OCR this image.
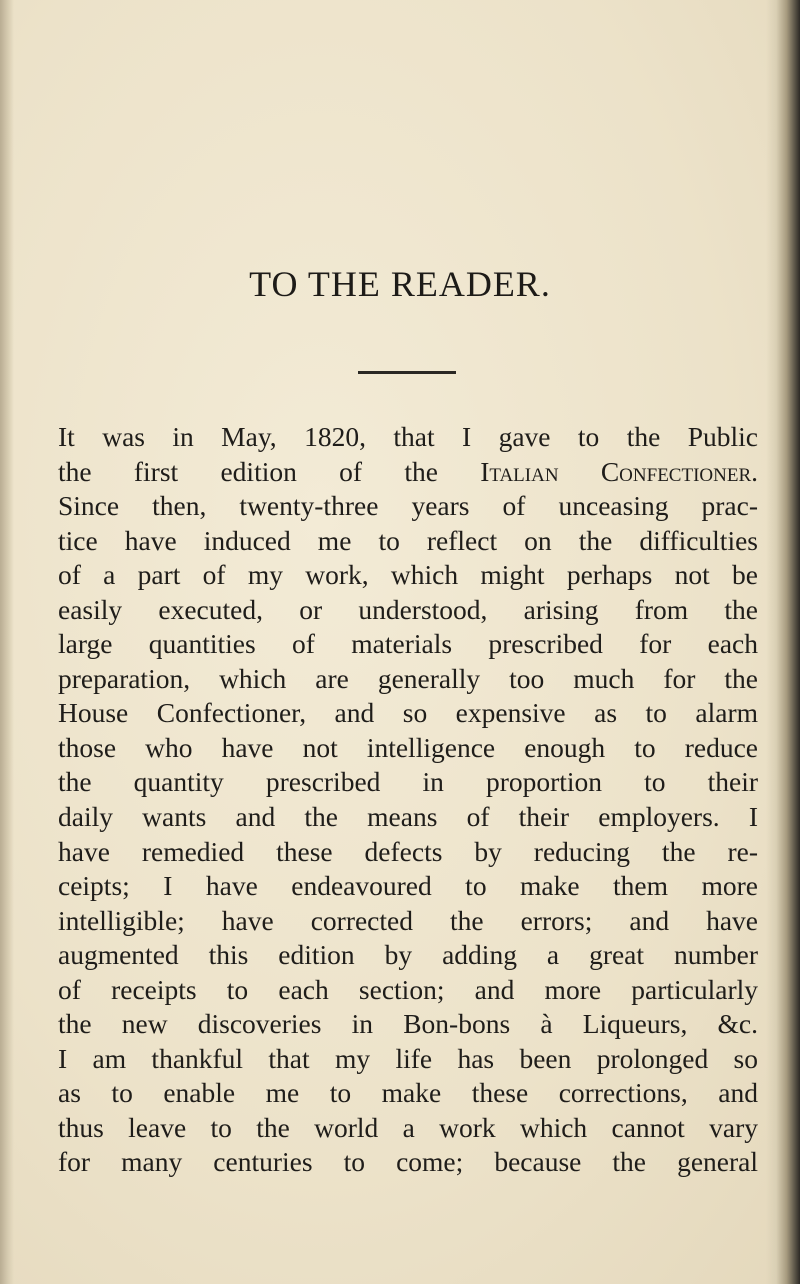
TO THE READER.
It was in May, 1820, that I gave to the Public
the first edition of the Italian Confectioner.
Since then, twenty-three years of unceasing prac-
tice have induced me to reflect on the difficulties
of a part of my work, which might perhaps not be
easily executed, or understood, arising from the
large quantities of materials prescribed for each
preparation, which are generally too much for the
House Confectioner, and so expensive as to alarm
those who have not intelligence enough to reduce
the quantity prescribed in proportion to their
daily wants and the means of their employers. I
have remedied these defects by reducing the re-
ceipts; I have endeavoured to make them more
intelligible; have corrected the errors; and have
augmented this edition by adding a great number
of receipts to each section; and more particularly
the new discoveries in Bon-bons à Liqueurs, &c.
I am thankful that my life has been prolonged so
as to enable me to make these corrections, and
thus leave to the world a work which cannot vary
for many centuries to come; because the general
